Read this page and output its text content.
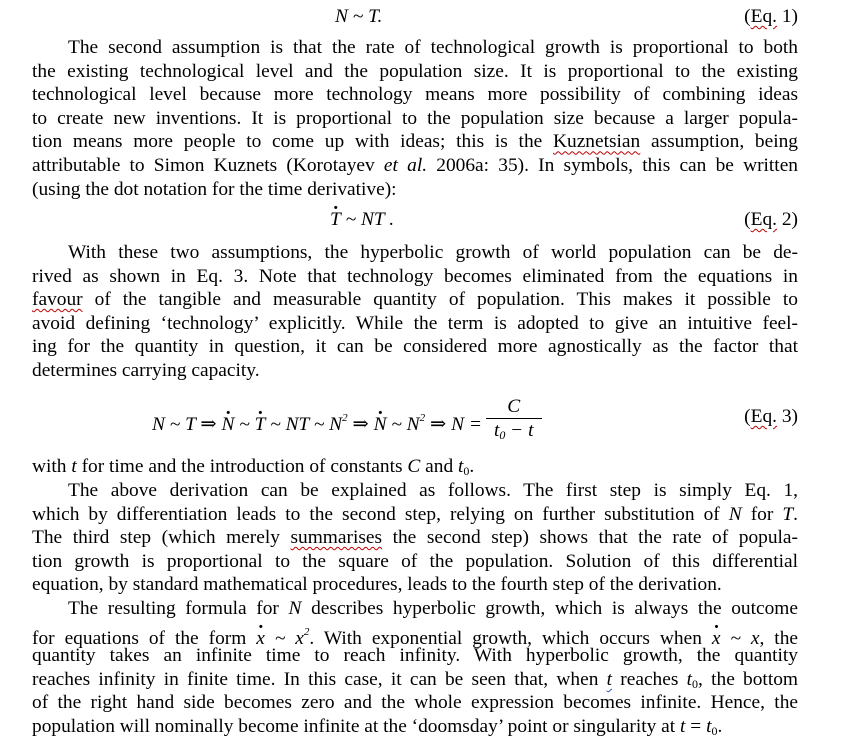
N ~ T.	(Eq. 1)
The second assumption is that the rate of technological growth is proportional to both
the existing technological level and the population size. It is proportional to the existing
technological level because more technology means more possibility of combining ideas
to create new inventions. It is proportional to the population size because a larger popula-
tion means more people to come up with ideas; this is the Kuznetsian assumption, being
attributable to Simon Kuznets (Korotayev et al. 2006a: 35). In symbols, this can be written
(using the dot notation for the time derivative):
T · ~ NT .	(Eq. 2)
With these two assumptions, the hyperbolic growth of world population can be de-
rived as shown in Eq. 3. Note that technology becomes eliminated from the equations in
favour of the tangible and measurable quantity of population. This makes it possible to
avoid defining ‘technology’ explicitly. While the term is adopted to give an intuitive feel-
ing for the quantity in question, it can be considered more agnostically as the factor that
determines carrying capacity.
N ~ T ⇒ N · ~ T · ~ NT ~ $N^2$ ⇒ N · ~ $N^2$ ⇒ $N = \frac{C}{t_0 - t}$	(Eq. 3)
with t for time and the introduction of constants C and $t_0$.
The above derivation can be explained as follows. The first step is simply Eq. 1,
which by differentiation leads to the second step, relying on further substitution of N for T.
The third step (which merely summarises the second step) shows that the rate of popula-
tion growth is proportional to the square of the population. Solution of this differential
equation, by standard mathematical procedures, leads to the fourth step of the derivation.
The resulting formula for N describes hyperbolic growth, which is always the outcome
for equations of the form x · ~ $x^2$. With exponential growth, which occurs when x · ~ x, the
quantity takes an infinite time to reach infinity. With hyperbolic growth, the quantity
reaches infinity in finite time. In this case, it can be seen that, when t reaches $t_0$, the bottom
of the right hand side becomes zero and the whole expression becomes infinite. Hence, the
population will nominally become infinite at the ‘doomsday’ point or singularity at $t = t_0$.
